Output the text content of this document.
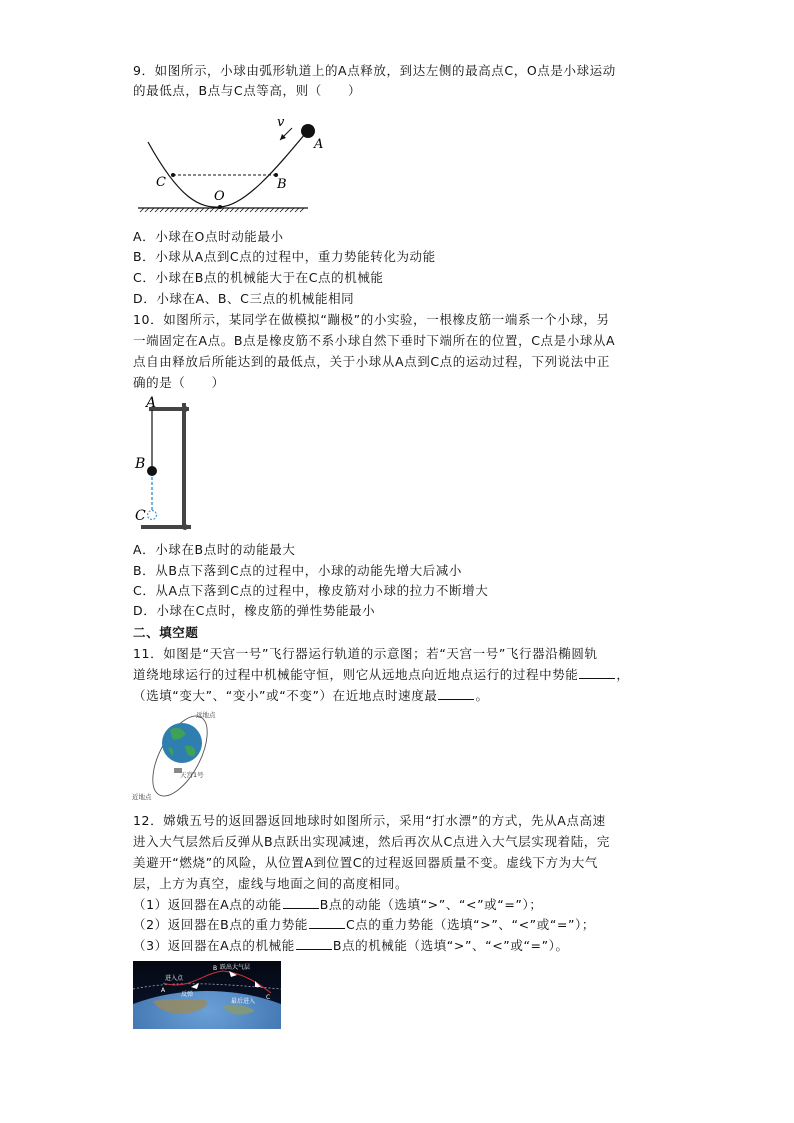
9．如图所示，小球由弧形轨道上的A点释放，到达左侧的最高点C，O点是小球运动
的最低点，B点与C点等高，则（　　）
v
A
B
C
O
A．小球在O点时动能最小
B．小球从A点到C点的过程中，重力势能转化为动能
C．小球在B点的机械能大于在C点的机械能
D．小球在A、B、C三点的机械能相同
10．如图所示，某同学在做模拟“蹦极”的小实验，一根橡皮筋一端系一个小球，另
一端固定在A点。B点是橡皮筋不系小球自然下垂时下端所在的位置，C点是小球从A
点自由释放后所能达到的最低点，关于小球从A点到C点的运动过程，下列说法中正
确的是（　　）
A
B
C
A．小球在B点时的动能最大
B．从B点下落到C点的过程中，小球的动能先增大后减小
C．从A点下落到C点的过程中，橡皮筋对小球的拉力不断增大
D．小球在C点时，橡皮筋的弹性势能最小
二、填空题
11．如图是“天宫一号”飞行器运行轨道的示意图；若“天宫一号”飞行器沿椭圆轨
道绕地球运行的过程中机械能守恒，则它从远地点向近地点运行的过程中势能	，
（选填“变大”、“变小”或“不变”）在近地点时速度最	。
远地点
天宫1号
近地点
12．嫦娥五号的返回器返回地球时如图所示，采用“打水漂”的方式，先从A点高速
进入大气层然后反弹从B点跃出实现减速，然后再次从C点进入大气层实现着陆，完
美避开“燃烧”的风险，从位置A到位置C的过程返回器质量不变。虚线下方为大气
层，上方为真空，虚线与地面之间的高度相同。
（1）返回器在A点的动能	B点的动能（选填“>”、“<”或“=”）；
（2）返回器在B点的重力势能	C点的重力势能（选填“>”、“<”或“=”）；
（3）返回器在A点的机械能	B点的机械能（选填“>”、“<”或“=”）。
进入点
A
反弹
B 跃出大气层
C
最后进入
